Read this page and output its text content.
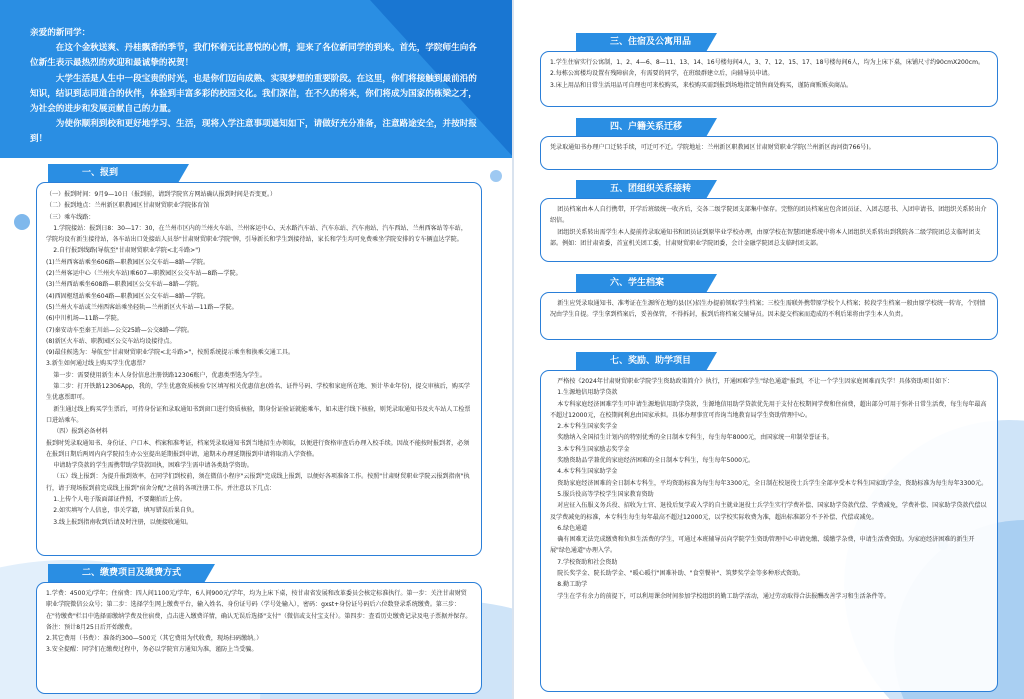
亲爱的新同学：

在这个金秋送爽、丹桂飘香的季节，我们怀着无比喜悦的心情，迎来了各位新同学的到来。首先，学院师生向各位新生表示最热烈的欢迎和最诚挚的祝贺！

大学生活是人生中一段宝贵的时光，也是你们迈向成熟、实现梦想的重要阶段。在这里，你们将接触到最前沿的知识，结识到志同道合的伙伴，体验到丰富多彩的校园文化。我们深信，在不久的将来，你们将成为国家的栋梁之才，为社会的进步和发展贡献自己的力量。

为使你顺利到校和更好地学习、生活，现将入学注意事项通知如下，请做好充分准备，注意路途安全，并按时报到！

一、报到

（一）报到时间：9月9—10日（报到前，请到学院官方网站确认报到时间是否变更。）

（二）报到地点：兰州新区职教园区甘肃财贸职业学院体育馆

（三）乘车线路：

1.学院接站：报到日8：30—17：30，在兰州市区内的兰州火车站、兰州客运中心、天水路汽车站、汽车东站、汽车南站、汽车西站、兰州西客站等车站，学院均设有新生接待站，各车站出口处接站人员举"甘肃财贸职业学院"牌，引导新长和学生到接待站，家长和学生均可免费乘坐学院安排的专车辆直达学院。

2.自行报到线路(导航至"甘肃财贸职业学院<北斗路>")

(1)兰州西客站乘坐606路—职教园区公交车站—8路—学院。

(2)兰州客运中心（兰州火车站)乘607—职教园区公交车站—8路—学院。

(3)兰州西站乘坐608路—职教园区公交车站—8路—学院。

(4)西固枢纽站乘坐604路—职教园区公交车站—8路—学院。

(5)兰州火车站或兰州西客站乘坐轻轨—兰州新区火车站—11路—学院。

(6)中川机场—11路—学院。

(7)秦安动车至秦王川站—公交25路—公交8路—学院。

(8)新区火车站、职教园区公交车站均设接待点。

(9)最佳候选为：导航至"甘肃财贸职业学院<北斗路>"，按照系统提示乘坐和换乘交通工具。

3.新生如何通过线上购买学生优惠票？

第一步：需要使用新生本人身份信息注册铁路12306账户，优惠类型选为学生。

第二步：打开铁路12306App，我的，学生优惠资质核验专区填写相关优惠信息(姓名、证件号码、学校和家庭所在地、预计毕业年份)，提交审核后，购买学生优惠票即可。

新生通过线上购买学生票后，可持身份证和录取通知书到窗口进行资质核验，期身份证验证就能乘车，如未进行线下核验，则凭录取通知书及火车站人工检票口进站乘车。

（四）报到必备材料

报到时凭录取通知书、身份证、户口本、档案和准考证，档案凭录取通知书到当地招生办领取，以便进行资格审查后办理入校手续。因故不能按时报到者，必须在报到日期后两周内向学院招生办公室提出延期报到申请，逾期未办理延期报到申请将取消入学资格。

申请助学贷款的学生需携带助学贷款回执，困难学生需申请各类助学资助。

（五）线上报到：为提升报到效率，在同学们到校前，须在微信小程序"云报到"完成线上报到，以便好各项准备工作。按照"甘肃财贸职业学院云报到指南"执行，请于现场报到前完成线上报到"宿舍分配"之前的各项注册工作。并注意以下几点：

1.上传个人电子版面部证件照，不要翻拍后上传。

2.如实填写个人信息，事关学籍，填写错误后果自负。

3.线上报到指南收到后请及时注册，以便接收通知。

二、缴费项目及缴费方式

1.学费：4500元/学年；住宿费：四人间1100元/学年，6人间900元/学年，均为上床下桌，按甘肃省发展和改革委员会核定标准执行。第一步：关注甘肃财贸职业学院微信公众号；第二步：选择学生网上缴费平台，输入姓名、身份证号码（学号处输入），密码：gxst+身份证号码后六位数登录系统缴费。第三步：在"待缴费"栏目中选择需缴纳学费及住宿费，点击进入缴费详情，确认无误后选择"支付"（微信或支付宝支付）。第四步：查看历史缴费记录及电子票据并保存。备注：预计8月25日后开始缴费。

2.其它费用（书费）：准备约300—500元（其它费用为代收费，现场扫码缴纳。）

3.安全提醒：同学们在缴费过程中，务必以学院官方通知为准，谨防上当受骗。

三、住宿及公寓用品

1.学生住宿实行公寓制，1、2、4—6、8—11、13、14、16号楼每间4人，3、7、12、15、17、18号楼每间6人，均为上床下桌，床铺尺寸约90cmX200cm。

2.每栋公寓楼均设置有残障宿舍，有需要的同学，在班级群建立后，向辅导员申请。

3.床上用品和日常生活用品可自理也可来校购买，来校购买需到报到场地指定销售商处购买，谨防商贩贩卖商品。

四、户籍关系迁移

凭录取通知书办理户口迁转手续，可迁可不迁。学院地址：兰州新区职教园区甘肃财贸职业学院(兰州新区海河街766号)。

五、团组织关系接转

团员档案由本人自行携带，开学后班级统一收齐后，交各二级学院团支部集中保存。完整的团员档案应包含团员证、入团志愿书、入团申请书、团组织关系转出介绍信。

团组织关系转出需学生本人提前持录取通知书和团员证到原毕业学校办理，由原学校在智慧团建系统中将本人团组织关系转出到我院各二级学院团总支临时团支部。例如：团甘肃省委，首宣机关团工委，甘肃财贸职业学院团委，会计金融学院团总支临时团支部。

六、学生档案

新生应凭录取通知书、准考证在生源所在地的县(区)招生办提前领取学生档案；三校生需联外携带原学校个人档案；转段学生档案一般由原学校统一转寄，个别情况由学生自提。学生拿到档案后，妥善保管，不得拆封，报到后将档案交辅导员。因未提交档案而造成的不利后果将由学生本人负责。

七、奖励、助学项目

严格按《2024年甘肃财贸职业学院学生资助政策简介》执行，开通困难学生"绿色通道"报到，不让一个学生因家庭困难而失学！具体资助项目如下：

1.生源地信用助学贷款

本专科家庭经济困难学生可申请生源地信用助学贷款，生源地信用助学贷款优先用于支付在校期间学费和住宿费，超出部分可用于弥补日常生活费，每生每年最高不超过12000元，在校期间利息由国家承担。具体办理事宜可咨询当地教育局学生资助管理中心。

2.本专科生国家奖学金

奖励纳入全国招生计划内的特别优秀的全日制本专科生，每生每年8000元，由国家统一印制荣誉证书。

3.本专科生国家励志奖学金

奖励资助品学兼优的家庭经济困难的全日制本专科生，每生每年5000元。

4.本专科生国家助学金

资助家庭经济困难的全日制本专科生，平均资助标准为每生每年3300元，全日制在校退役士兵学生全部享受本专科生国家助学金，资助标准为每生每年3300元。

5.服兵役高等学校学生国家教育资助

对应征入伍服义务兵役、招收为士官、退役后复学或入学的自主就业退役士兵学生实行学费补偿、国家助学贷款代偿、学费减免，学费补偿、国家助学贷款代偿以及学费减免的标准，本专科生每生每年最高不超过12000元，以学校实际收费为准，超出标准部分不予补偿、代偿或减免。

6.绿色通道

确有困难无法完成缴费和负担生活费的学生，可通过本班辅导员向学院学生资助管理中心申请免缴、缓缴学杂费，申请生活费资助。为家庭经济困难的新生开展"绿色通道"办理入学。

7.学校资助和社会资助

院长奖学金、院长助学金、"暖心暖行"困难补助、"食堂餐补"、筑梦奖学金等多种形式资助。

8.勤工助学

学生在学有余力的前提下，可以利用课余时间参加学校组织的勤工助学活动，通过劳动取得合法报酬改善学习和生活条件等。
